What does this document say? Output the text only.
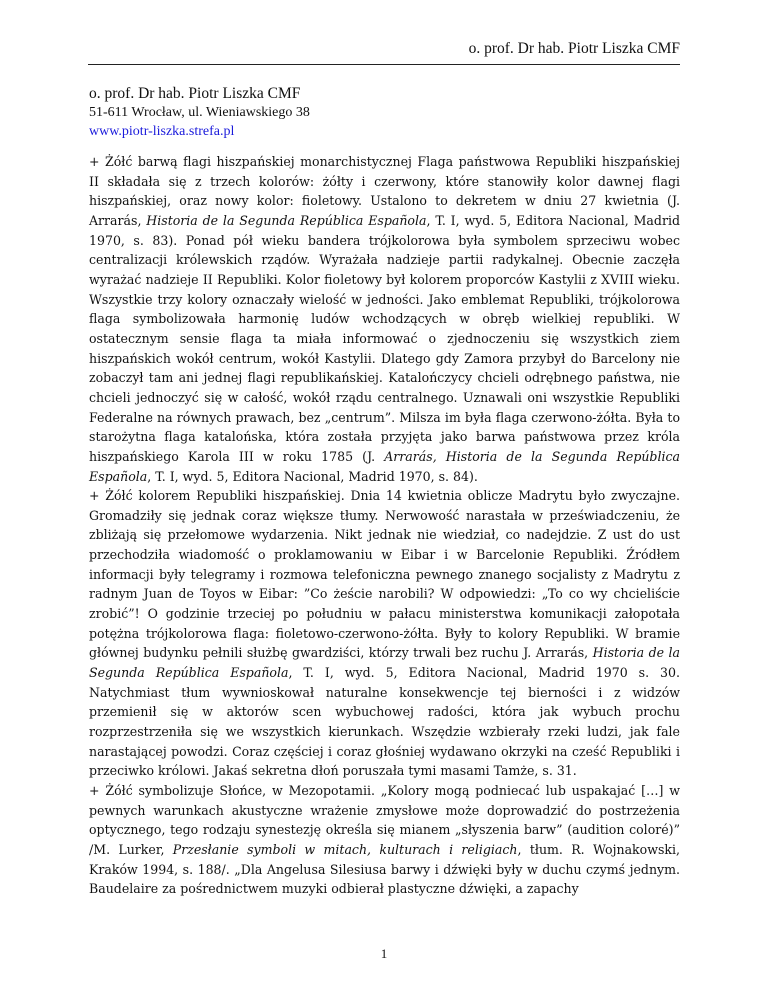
o. prof. Dr hab. Piotr Liszka CMF
o. prof. Dr hab. Piotr Liszka CMF
51-611 Wrocław, ul. Wieniawskiego 38
www.piotr-liszka.strefa.pl

+ Żółć barwą flagi hiszpańskiej monarchistycznej Flaga państwowa Republiki hiszpańskiej II składała się z trzech kolorów: żółty i czerwony, które stanowiły kolor dawnej flagi hiszpańskiej, oraz nowy kolor: fioletowy. Ustalono to dekretem w dniu 27 kwietnia (J. Arrarás, Historia de la Segunda República Española, T. I, wyd. 5, Editora Nacional, Madrid 1970, s. 83). Ponad pół wieku bandera trójkolorowa była symbolem sprzeciwu wobec centralizacji królewskich rządów. Wyrażała nadzieje partii radykalnej. Obecnie zaczęła wyrażać nadzieje II Republiki. Kolor fioletowy był kolorem proporców Kastylii z XVIII wieku. Wszystkie trzy kolory oznaczały wielość w jedności. Jako emblemat Republiki, trójkolorowa flaga symbolizowała harmonię ludów wchodzących w obręb wielkiej republiki. W ostatecznym sensie flaga ta miała informować o zjednoczeniu się wszystkich ziem hiszpańskich wokół centrum, wokół Kastylii. Dlatego gdy Zamora przybył do Barcelony nie zobaczył tam ani jednej flagi republikańskiej. Katalończycy chcieli odrębnego państwa, nie chcieli jednoczyć się w całość, wokół rządu centralnego. Uznawali oni wszystkie Republiki Federalne na równych prawach, bez „centrum”. Milsza im była flaga czerwono-żółta. Była to starożytna flaga katalońska, która została przyjęta jako barwa państwowa przez króla hiszpańskiego Karola III w roku 1785 (J. Arrarás, Historia de la Segunda República Española, T. I, wyd. 5, Editora Nacional, Madrid 1970, s. 84).

+ Żółć kolorem Republiki hiszpańskiej. Dnia 14 kwietnia oblicze Madrytu było zwyczajne. Gromadziły się jednak coraz większe tłumy. Nerwowość narastała w przeświadczeniu, że zbliżają się przełomowe wydarzenia. Nikt jednak nie wiedział, co nadejdzie. Z ust do ust przechodziła wiadomość o proklamowaniu w Eibar i w Barcelonie Republiki. Źródłem informacji były telegramy i rozmowa telefoniczna pewnego znanego socjalisty z Madrytu z radnym Juan de Toyos w Eibar: ”Co żeście narobili? W odpowiedzi: „To co wy chcieliście zrobić”! O godzinie trzeciej po południu w pałacu ministerstwa komunikacji załopotała potężna trójkolorowa flaga: fioletowo-czerwono-żółta. Były to kolory Republiki. W bramie głównej budynku pełnili służbę gwardziści, którzy trwali bez ruchu J. Arrarás, Historia de la Segunda República Española, T. I, wyd. 5, Editora Nacional, Madrid 1970 s. 30. Natychmiast tłum wywnioskował naturalne konsekwencje tej bierności i z widzów przemienił się w aktorów scen wybuchowej radości, która jak wybuch prochu rozprzestrzeniła się we wszystkich kierunkach. Wszędzie wzbierały rzeki ludzi, jak fale narastającej powodzi. Coraz częściej i coraz głośniej wydawano okrzyki na cześć Republiki i przeciwko królowi. Jakaś sekretna dłoń poruszała tymi masami Tamże, s. 31.

+ Żółć symbolizuje Słońce, w Mezopotamii. „Kolory mogą podniecać lub uspakajać […] w pewnych warunkach akustyczne wrażenie zmysłowe może doprowadzić do postrzeżenia optycznego, tego rodzaju synestezję określa się mianem „słyszenia barw” (audition coloré)” /M. Lurker, Przesłanie symboli w mitach, kulturach i religiach, tłum. R. Wojnakowski, Kraków 1994, s. 188/. „Dla Angelusa Silesiusa barwy i dźwięki były w duchu czymś jednym. Baudelaire za pośrednictwem muzyki odbierał plastyczne dźwięki, a zapachy

1
